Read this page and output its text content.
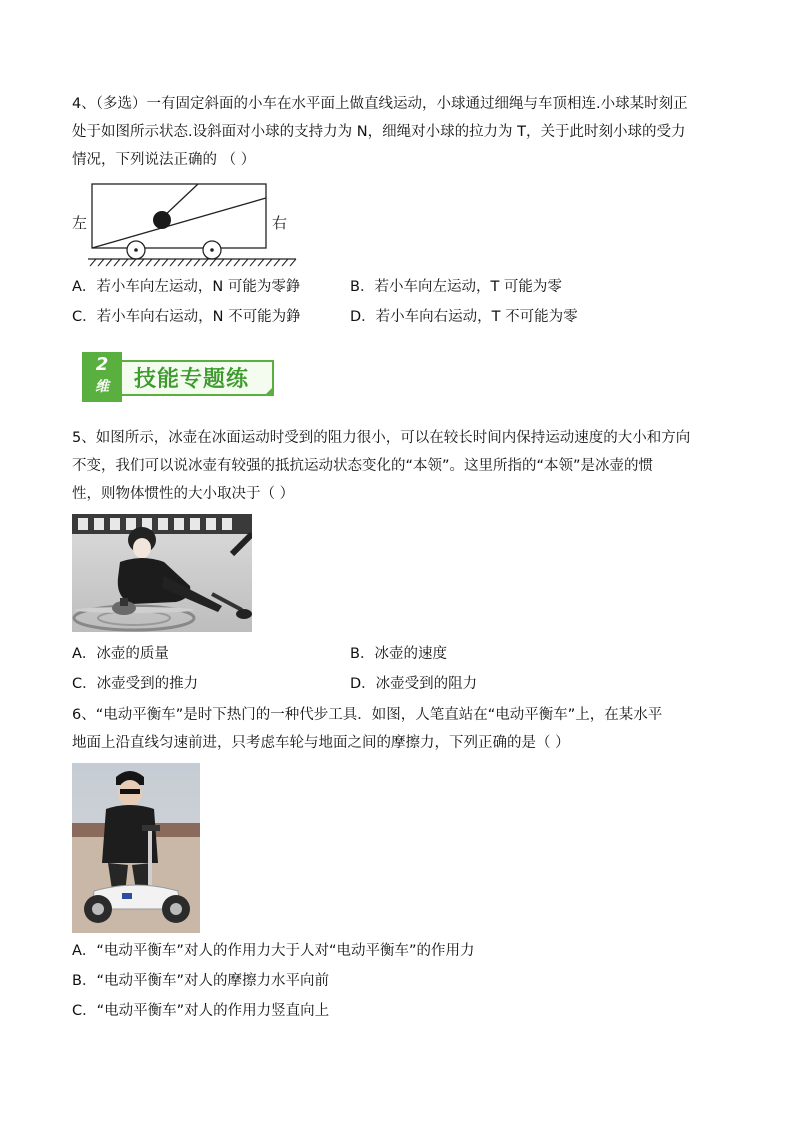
4、（多选）一有固定斜面的小车在水平面上做直线运动，小球通过细绳与车顶相连.小球某时刻正
处于如图所示状态.设斜面对小球的支持力为 N，细绳对小球的拉力为 T，关于此时刻小球的受力
情况，下列说法正确的 （ ）
左	右
A．若小车向左运动，N 可能为零錚	B．若小车向左运动，T 可能为零
C．若小车向右运动，N 不可能为錚	D．若小车向右运动，T 不可能为零
2
维	技能专题练
5、如图所示，冰壶在冰面运动时受到的阻力很小，可以在较长时间内保持运动速度的大小和方向
不变，我们可以说冰壶有较强的抵抗运动状态变化的“本领”。这里所指的“本领”是冰壶的惯
性，则物体惯性的大小取决于（ ）
A．冰壶的质量	B．冰壶的速度
C．冰壶受到的推力	D．冰壶受到的阻力
6、“电动平衡车”是时下热门的一种代步工具．如图，人笔直站在“电动平衡车”上，在某水平
地面上沿直线匀速前进，只考虑车轮与地面之间的摩擦力，下列正确的是（ ）
A．“电动平衡车”对人的作用力大于人对“电动平衡车”的作用力
B．“电动平衡车”对人的摩擦力水平向前
C．“电动平衡车”对人的作用力竖直向上
